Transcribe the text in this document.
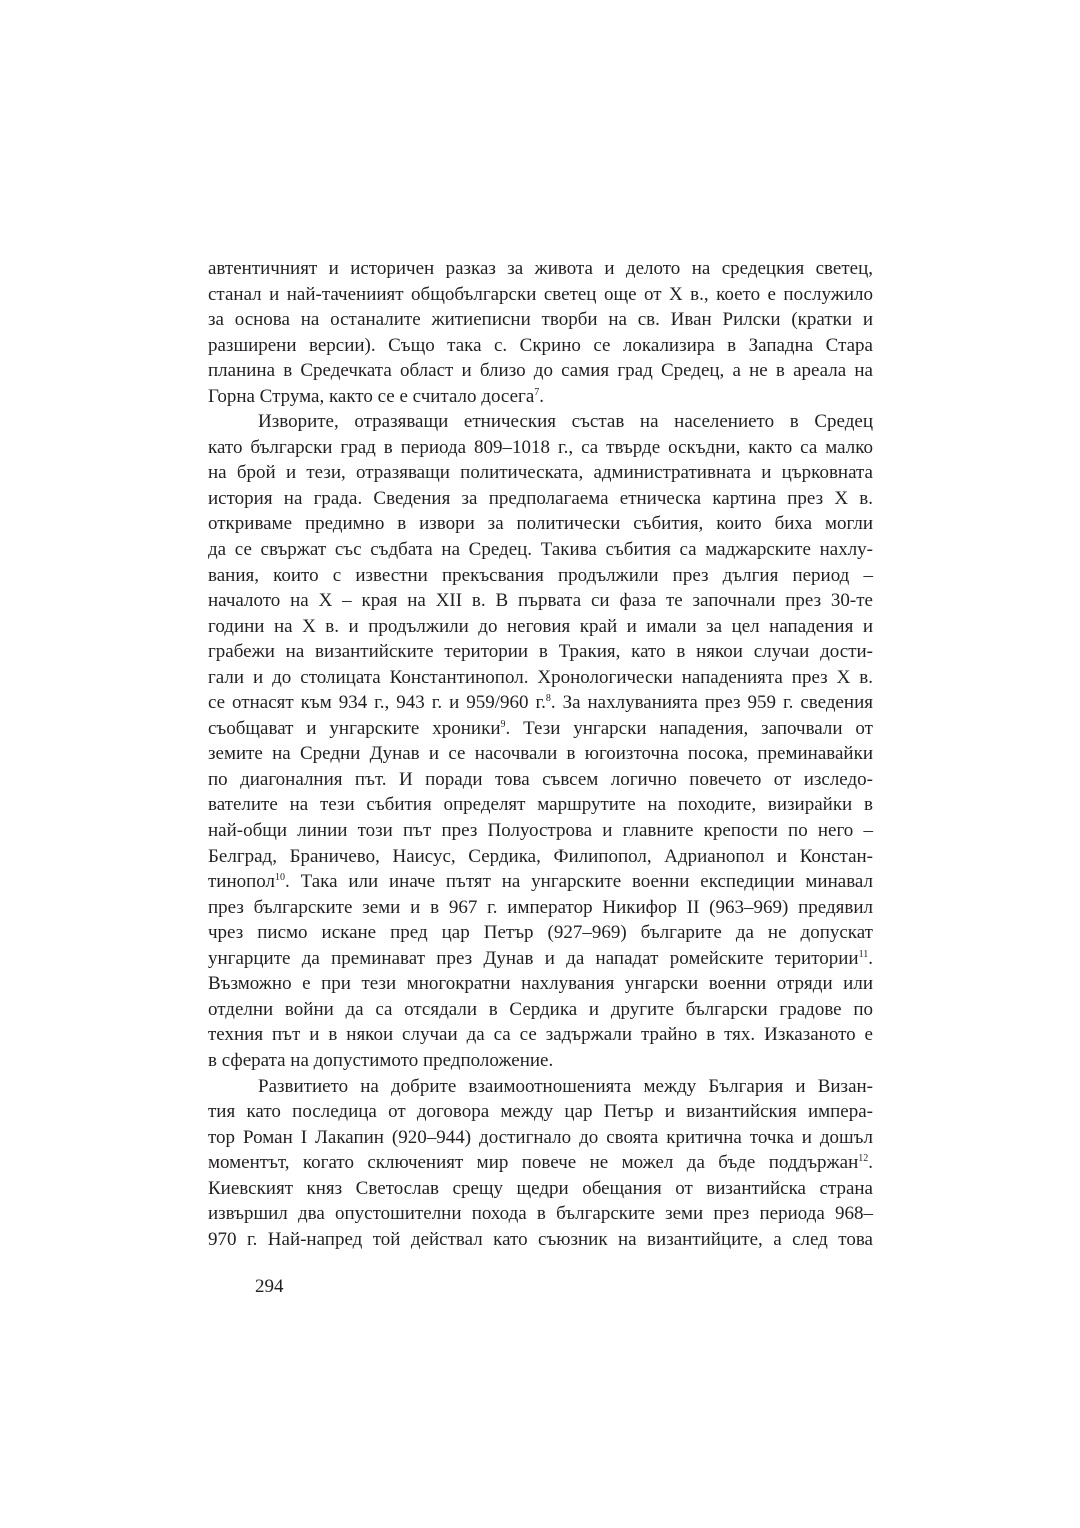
автентичният и историчен разказ за живота и делото на средецкия светец,
станал и най-тачениият общобългарски светец още от X в., което е послужило
за основа на останалите житиеписни творби на св. Иван Рилски (кратки и
разширени версии). Също така с. Скрино се локализира в Западна Стара
планина в Средечката област и близо до самия град Средец, а не в ареала на
Горна Струма, както се е считало досега$^7$.
Изворите, отразяващи етническия състав на населението в Средец
като български град в периода 809–1018 г., са твърде оскъдни, както са малко
на брой и тези, отразяващи политическата, административната и църковната
история на града. Сведения за предполагаема етническа картина през X в.
откриваме предимно в извори за политически събития, които биха могли
да се свържат със съдбата на Средец. Такива събития са маджарските нахлу-
вания, които с известни прекъсвания продължили през дългия период –
началото на X – края на XII в. В първата си фаза те започнали през 30-те
години на X в. и продължили до неговия край и имали за цел нападения и
грабежи на византийските територии в Тракия, като в някои случаи дости-
гали и до столицата Константинопол. Хронологически нападенията през X в.
се отнасят към 934 г., 943 г. и 959/960 г.$^8$. За нахлуванията през 959 г. сведения
съобщават и унгарските хроники$^9$. Тези унгарски нападения, започвали от
земите на Средни Дунав и се насочвали в югоизточна посока, преминавайки
по диагоналния път. И поради това съвсем логично повечето от изследо-
вателите на тези събития определят маршрутите на походите, визирайки в
най-общи линии този път през Полуострова и главните крепости по него –
Белград, Браничево, Наисус, Сердика, Филипопол, Адрианопол и Констан-
тинопол$^{10}$. Така или иначе пътят на унгарските военни експедиции минавал
през българските земи и в 967 г. император Никифор II (963–969) предявил
чрез писмо искане пред цар Петър (927–969) българите да не допускат
унгарците да преминават през Дунав и да нападат ромейските територии$^{11}$.
Възможно е при тези многократни нахлувания унгарски военни отряди или
отделни войни да са отсядали в Сердика и другите български градове по
техния път и в някои случаи да са се задържали трайно в тях. Изказаното е
в сферата на допустимото предположение.
Развитието на добрите взаимоотношенията между България и Визан-
тия като последица от договора между цар Петър и византийския импера-
тор Роман I Лакапин (920–944) достигнало до своята критична точка и дошъл
моментът, когато сключеният мир повече не можел да бъде поддържан$^{12}$.
Киевският княз Светослав срещу щедри обещания от византийска страна
извършил два опустошителни похода в българските земи през периода 968–
970 г. Най-напред той действал като съюзник на византийците, а след това
294
